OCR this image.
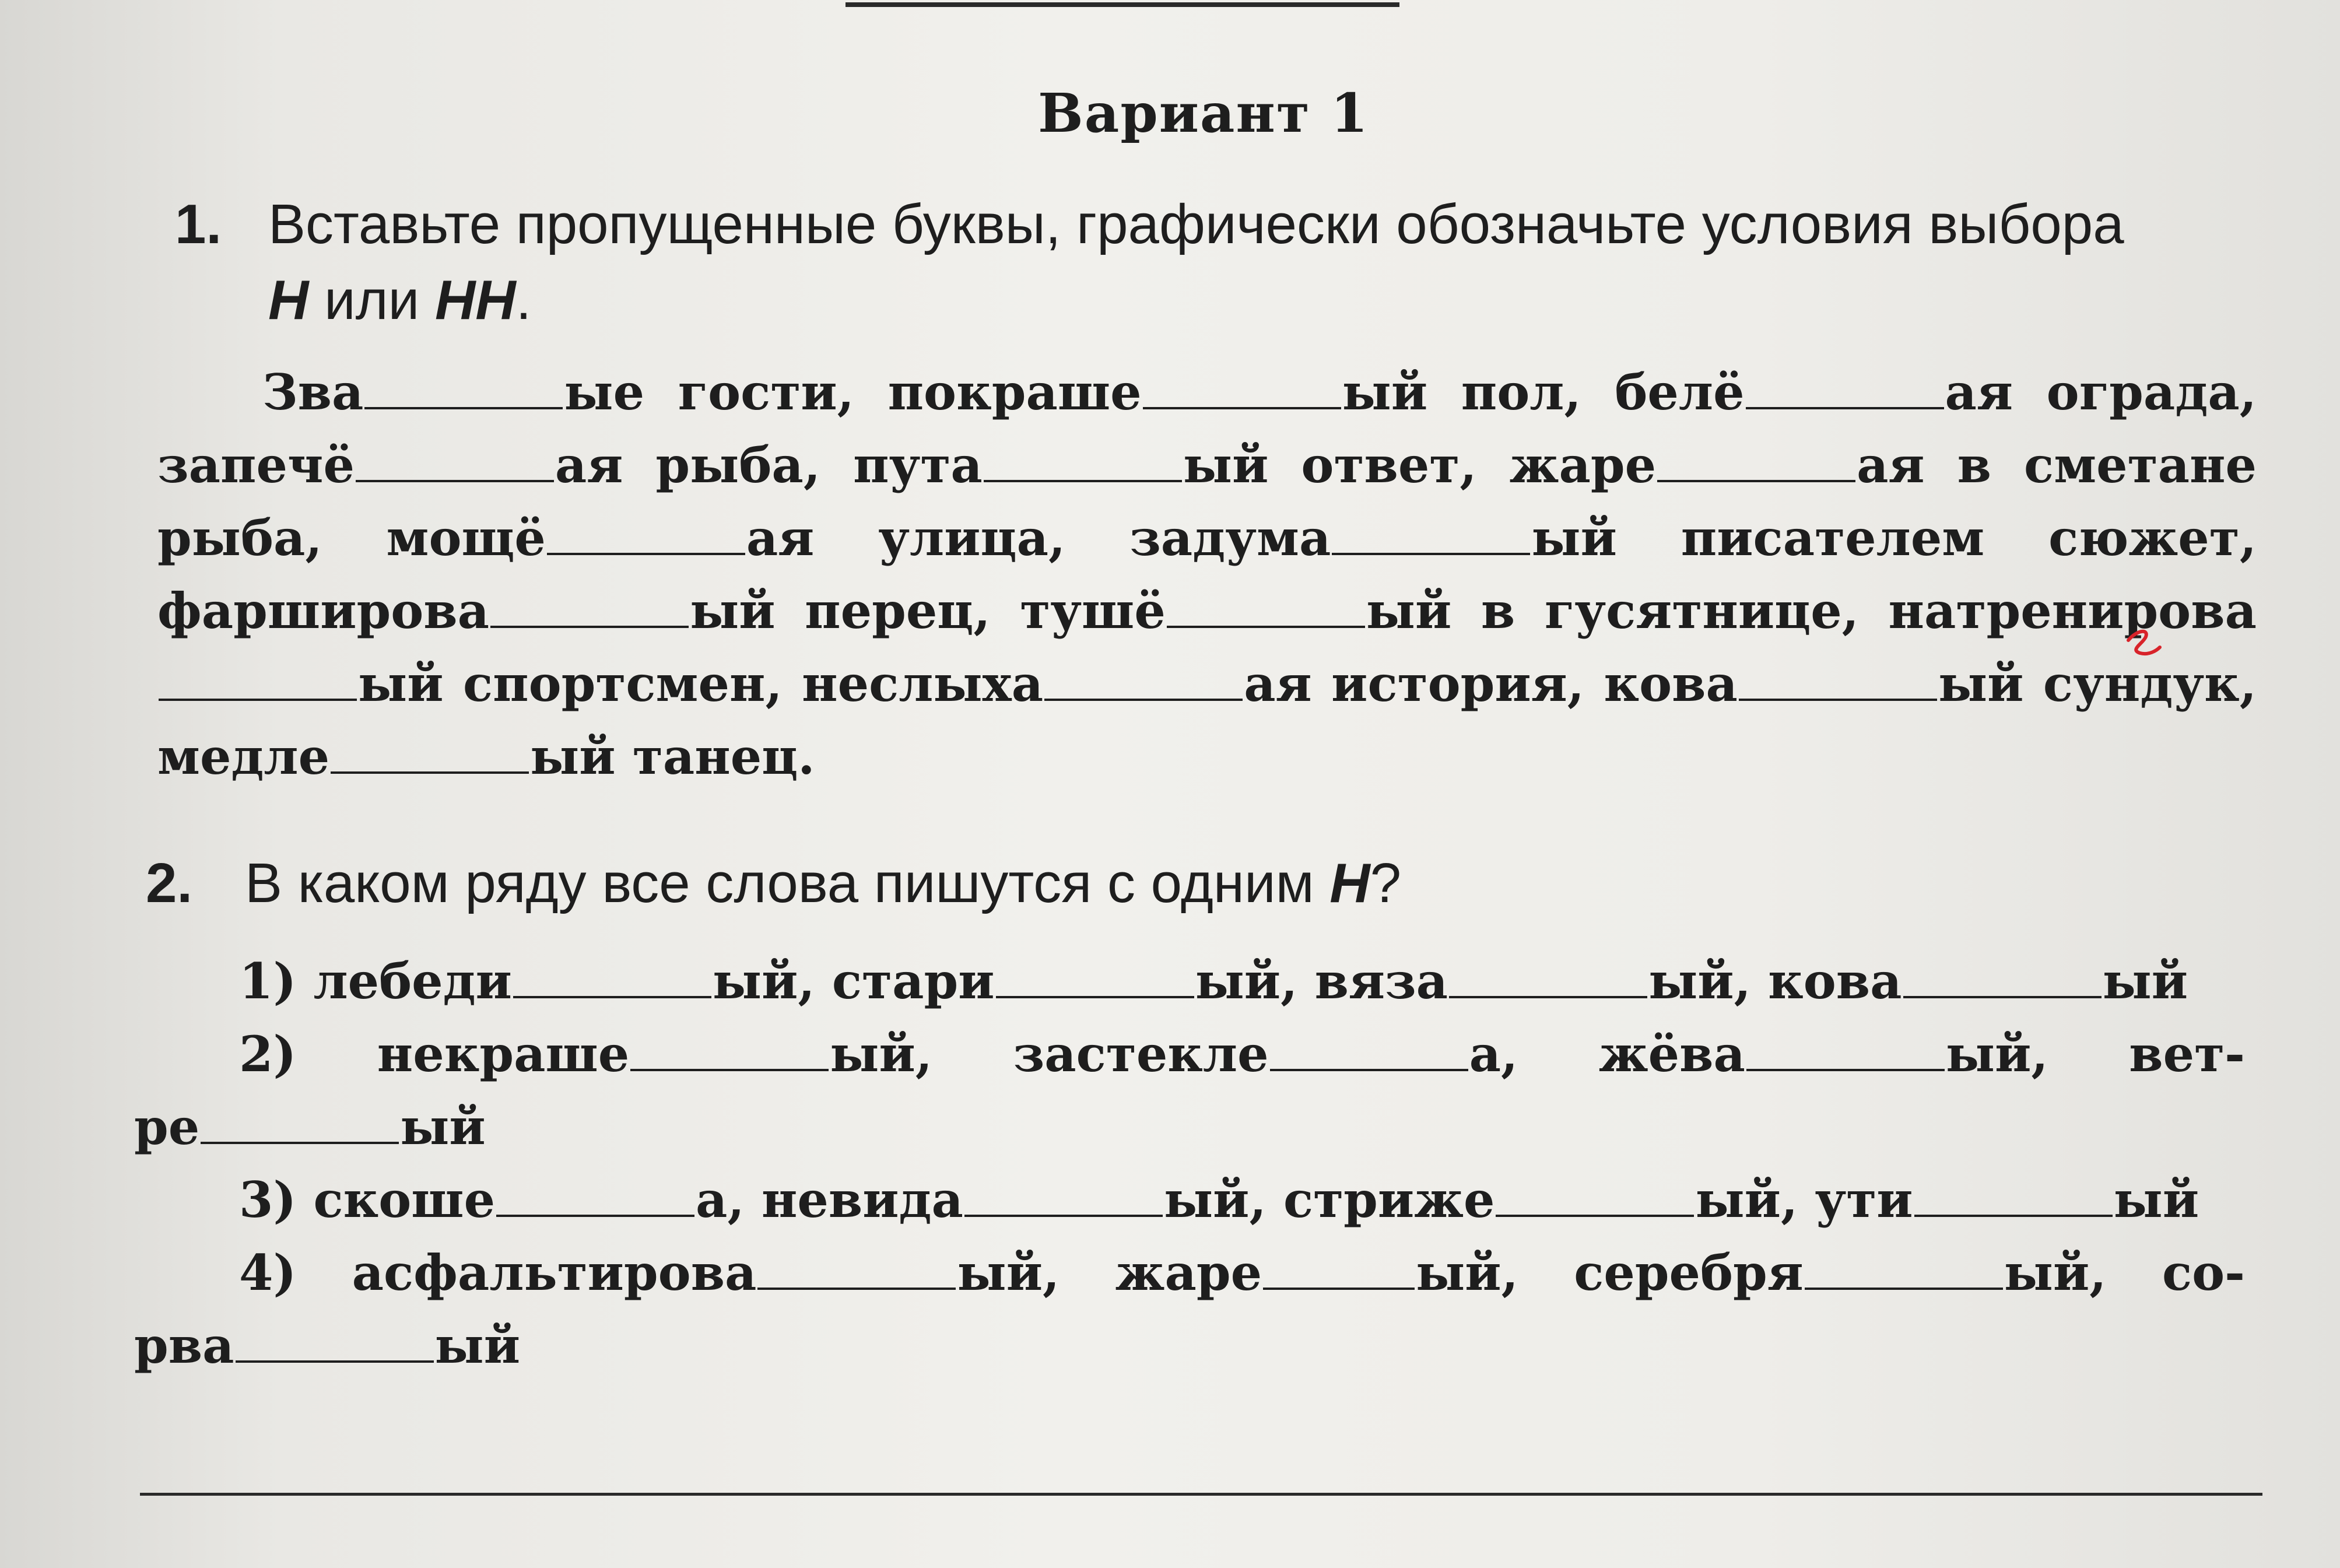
Вариант 1
1. Вставьте пропущенные буквы, графически обозначьте условия выбора
Н или НН.

Зва	ые гости, покраше	ый пол, белё	ая ограда, запечё	ая рыба, пута	ый ответ, жаре	ая в сметане рыба, мощё	ая улица, задума	ый писателем сюжет, фаршировa	ый перец, тушё	ый в гусятнице, натренироваый спортсмен, неслыха	ая история, кова	ый сундук, медле	ый танец.

2. В каком ряду все слова пишутся с одним Н?
1) лебеди	ый, стари	ый, вяза	ый, кова	ый
2) некраше	ый, застекле	а, жёва	ый, вет-
ре	ый
3) скоше	а, невида	ый, стриже	ый, ути	ый
4) асфальтирова	ый, жаре	ый, серебря	ый, со-
рва	ый
